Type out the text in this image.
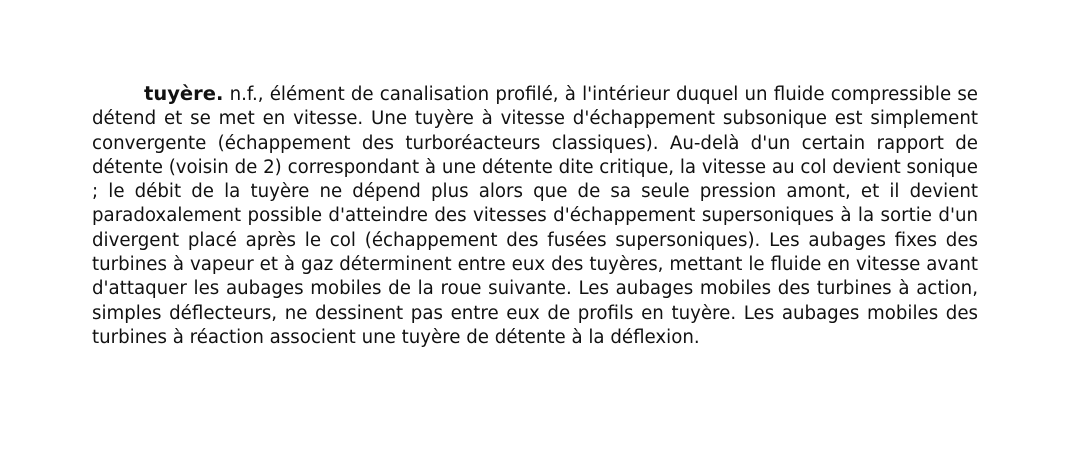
tuyère. n.f., élément de canalisation profilé, à l'intérieur duquel un fluide compressible se détend et se met en vitesse. Une tuyère à vitesse d'échappement subsonique est simplement convergente (échappement des turboréacteurs classiques). Au-delà d'un certain rapport de détente (voisin de 2) correspondant à une détente dite critique, la vitesse au col devient sonique ; le débit de la tuyère ne dépend plus alors que de sa seule pression amont, et il devient paradoxalement possible d'atteindre des vitesses d'échappement supersoniques à la sortie d'un divergent placé après le col (échappement des fusées supersoniques). Les aubages fixes des turbines à vapeur et à gaz déterminent entre eux des tuyères, mettant le fluide en vitesse avant d'attaquer les aubages mobiles de la roue suivante. Les aubages mobiles des turbines à action, simples déflecteurs, ne dessinent pas entre eux de profils en tuyère. Les aubages mobiles des turbines à réaction associent une tuyère de détente à la déflexion.
